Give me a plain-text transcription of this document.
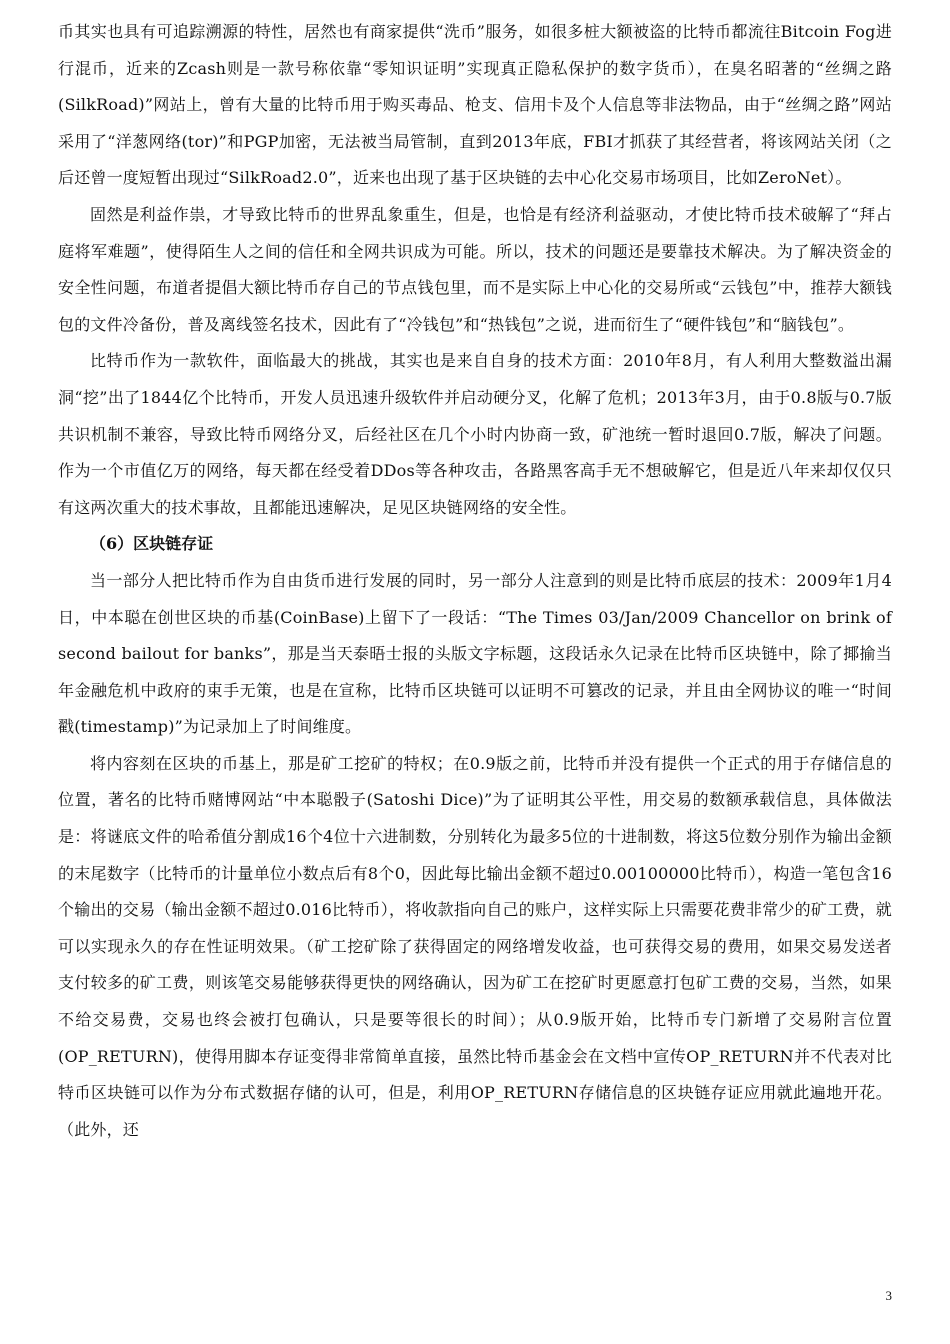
币其实也具有可追踪溯源的特性，居然也有商家提供“洗币”服务，如很多桩大额被盗的比特币都流往Bitcoin Fog进行混币，近来的Zcash则是一款号称依靠“零知识证明”实现真正隐私保护的数字货币），在臭名昭著的“丝绸之路(SilkRoad)”网站上，曾有大量的比特币用于购买毒品、枪支、信用卡及个人信息等非法物品，由于“丝绸之路”网站采用了“洋葱网络(tor)”和PGP加密，无法被当局管制，直到2013年底，FBI才抓获了其经营者，将该网站关闭（之后还曾一度短暂出现过“SilkRoad2.0”，近来也出现了基于区块链的去中心化交易市场项目，比如ZeroNet）。

固然是利益作祟，才导致比特币的世界乱象重生，但是，也恰是有经济利益驱动，才使比特币技术破解了“拜占庭将军难题”，使得陌生人之间的信任和全网共识成为可能。所以，技术的问题还是要靠技术解决。为了解决资金的安全性问题，布道者提倡大额比特币存自己的节点钱包里，而不是实际上中心化的交易所或“云钱包”中，推荐大额钱包的文件冷备份，普及离线签名技术，因此有了“冷钱包”和“热钱包”之说，进而衍生了“硬件钱包”和“脑钱包”。

比特币作为一款软件，面临最大的挑战，其实也是来自自身的技术方面：2010年8月，有人利用大整数溢出漏洞“挖”出了1844亿个比特币，开发人员迅速升级软件并启动硬分叉，化解了危机；2013年3月，由于0.8版与0.7版共识机制不兼容，导致比特币网络分叉，后经社区在几个小时内协商一致，矿池统一暂时退回0.7版，解决了问题。作为一个市值亿万的网络，每天都在经受着DDos等各种攻击，各路黑客高手无不想破解它，但是近八年来却仅仅只有这两次重大的技术事故，且都能迅速解决，足见区块链网络的安全性。

（6）区块链存证

当一部分人把比特币作为自由货币进行发展的同时，另一部分人注意到的则是比特币底层的技术：2009年1月4日，中本聪在创世区块的币基(CoinBase)上留下了一段话：“The Times 03/Jan/2009 Chancellor on brink of second bailout for banks”，那是当天泰晤士报的头版文字标题，这段话永久记录在比特币区块链中，除了揶揄当年金融危机中政府的束手无策，也是在宣称，比特币区块链可以证明不可篡改的记录，并且由全网协议的唯一“时间戳(timestamp)”为记录加上了时间维度。

将内容刻在区块的币基上，那是矿工挖矿的特权；在0.9版之前，比特币并没有提供一个正式的用于存储信息的位置，著名的比特币赌博网站“中本聪骰子(Satoshi Dice)”为了证明其公平性，用交易的数额承载信息，具体做法是：将谜底文件的哈希值分割成16个4位十六进制数，分别转化为最多5位的十进制数，将这5位数分别作为输出金额的末尾数字（比特币的计量单位小数点后有8个0，因此每比输出金额不超过0.00100000比特币），构造一笔包含16个输出的交易（输出金额不超过0.016比特币），将收款指向自己的账户，这样实际上只需要花费非常少的矿工费，就可以实现永久的存在性证明效果。（矿工挖矿除了获得固定的网络增发收益，也可获得交易的费用，如果交易发送者支付较多的矿工费，则该笔交易能够获得更快的网络确认，因为矿工在挖矿时更愿意打包矿工费的交易，当然，如果不给交易费，交易也终会被打包确认，只是要等很长的时间）；从0.9版开始，比特币专门新增了交易附言位置(OP_RETURN)，使得用脚本存证变得非常简单直接，虽然比特币基金会在文档中宣传OP_RETURN并不代表对比特币区块链可以作为分布式数据存储的认可，但是，利用OP_RETURN存储信息的区块链存证应用就此遍地开花。（此外，还

3
